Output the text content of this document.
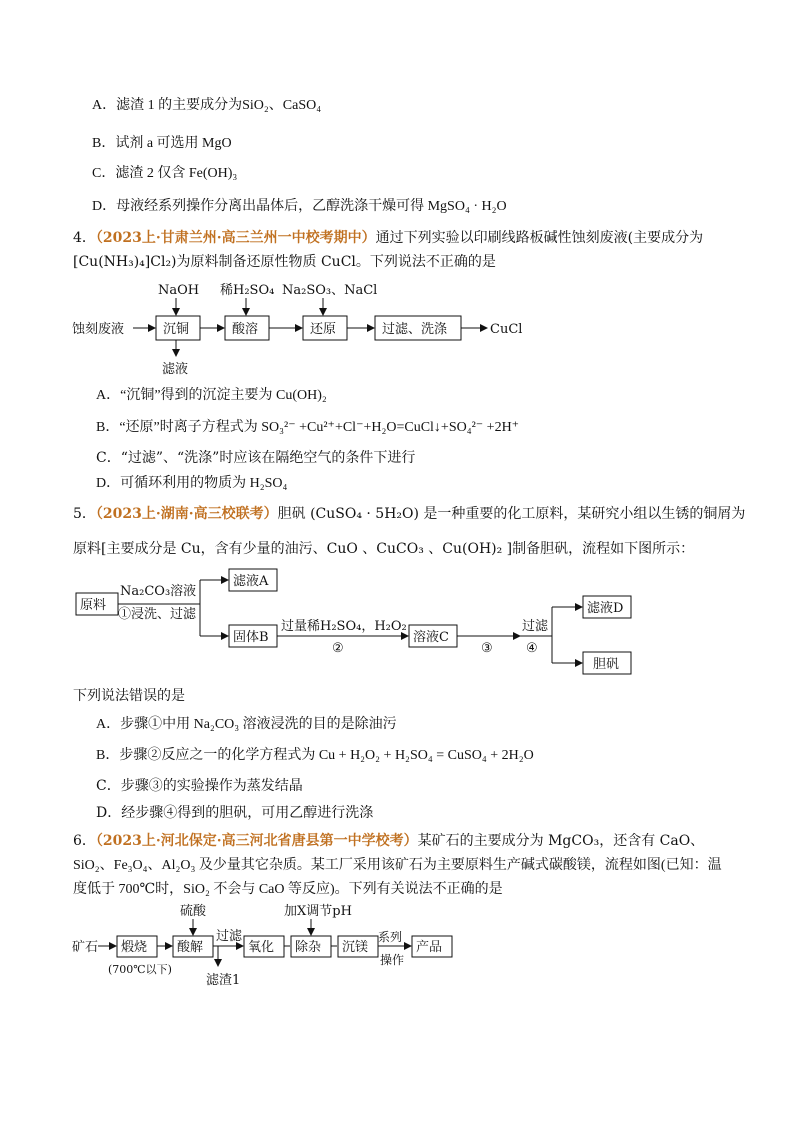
A．滤渣 1 的主要成分为SiO₂、CaSO₄
B．试剂 a 可选用 MgO
C．滤渣 2 仅含 Fe(OH)₃
D．母液经系列操作分离出晶体后，乙醇洗涤干燥可得 MgSO₄ · H₂O
4．（2023上·甘肃兰州·高三兰州一中校考期中）通过下列实验以印刷线路板碱性蚀刻废液(主要成分为
[Cu(NH₃)₄]Cl₂)为原料制备还原性物质 CuCl。下列说法不正确的是
蚀刻废液	沉铜	酸溶	还原	过滤、洗涤	CuCl
NaOH 稀H₂SO₄ Na₂SO₃、NaCl
滤液
A．“沉铜”得到的沉淀主要为 Cu(OH)₂
B．“还原”时离子方程式为 SO₃²⁻ +Cu²⁺+Cl⁻+H₂O=CuCl↓+SO₄²⁻ +2H⁺
C．“过滤”、“洗涤”时应该在隔绝空气的条件下进行
D．可循环利用的物质为 H₂SO₄
5．（2023上·湖南·高三校联考）胆矾 (CuSO₄ · 5H₂O) 是一种重要的化工原料，某研究小组以生锈的铜屑为
原料[主要成分是 Cu，含有少量的油污、CuO 、CuCO₃ 、Cu(OH)₂ ]制备胆矾，流程如下图所示：
原料
Na₂CO₃溶液
①浸洗、过滤
滤液A
固体B
过量稀H₂SO₄，H₂O₂
②
溶液C
③
过滤
④
滤液D
胆矾
下列说法错误的是
A．步骤①中用 Na₂CO₃ 溶液浸洗的目的是除油污
B．步骤②反应之一的化学方程式为 Cu + H₂O₂ + H₂SO₄ = CuSO₄ + 2H₂O
C．步骤③的实验操作为蒸发结晶
D．经步骤④得到的胆矾，可用乙醇进行洗涤
6．（2023上·河北保定·高三河北省唐县第一中学校考）某矿石的主要成分为 MgCO₃，还含有 CaO、
SiO₂、Fe₃O₄、Al₂O₃ 及少量其它杂质。某工厂采用该矿石为主要原料生产碱式碳酸镁，流程如图(已知：温
度低于 700℃时，SiO₂ 不会与 CaO 等反应)。下列有关说法不正确的是
矿石 煅烧
(700℃以下)
酸解
硫酸
过滤
滤渣1
氧化 除杂
加X调节pH
沉镁
系列
操作
产品
